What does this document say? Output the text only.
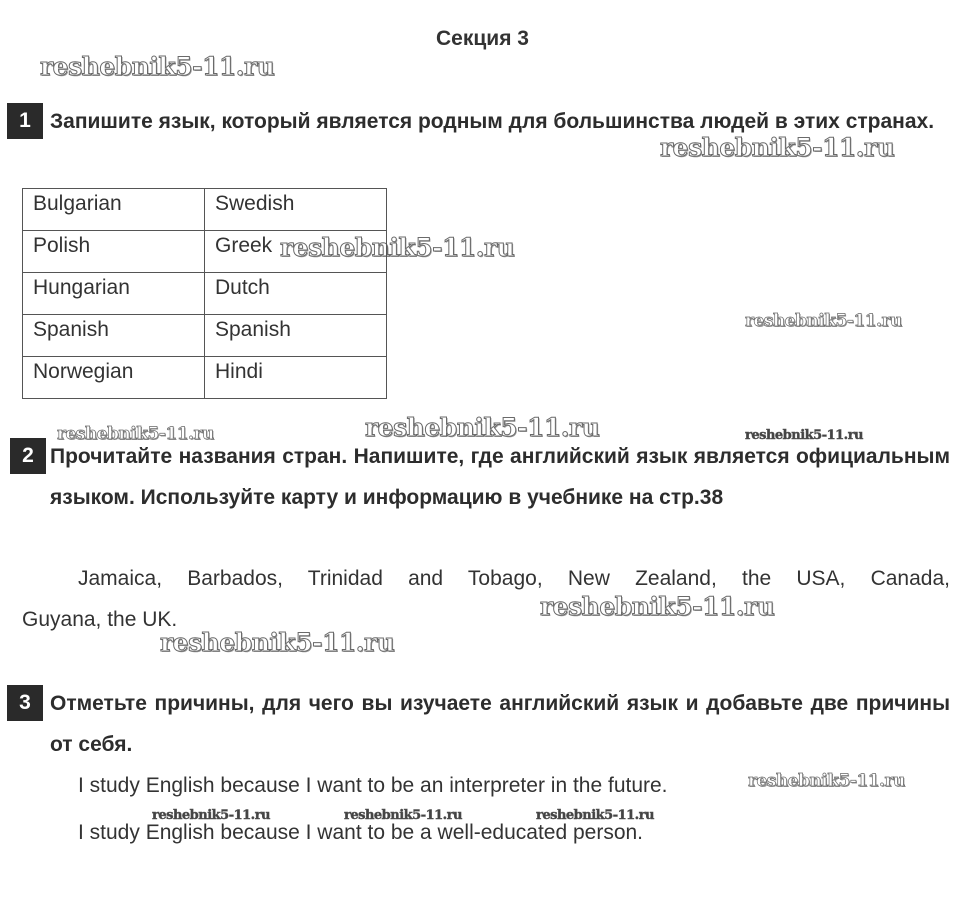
Секция 3
reshebnik5-11.ru
reshebnik5-11.ru
reshebnik5-11.ru
reshebnik5-11.ru
reshebnik5-11.ru	reshebnik5-11.ru	reshebnik5-11.ru
reshebnik5-11.ru
reshebnik5-11.ru
reshebnik5-11.ru
reshebnik5-11.ru	reshebnik5-11.ru	reshebnik5-11.ru
1 Запишите язык, который является родным для большинства людей в этих странах.
Bulgarian	Swedish
Polish	Greek
Hungarian	Dutch
Spanish	Spanish
Norwegian	Hindi
2 Прочитайте названия стран. Напишите, где английский язык является официальным языком. Используйте карту и информацию в учебнике на стр.38
Jamaica, Barbados, Trinidad and Tobago, New Zealand, the USA, Canada,
Guyana, the UK.
3 Отметьте причины, для чего вы изучаете английский язык и добавьте две причины от себя.
I study English because I want to be an interpreter in the future.
I study English because I want to be a well-educated person.
